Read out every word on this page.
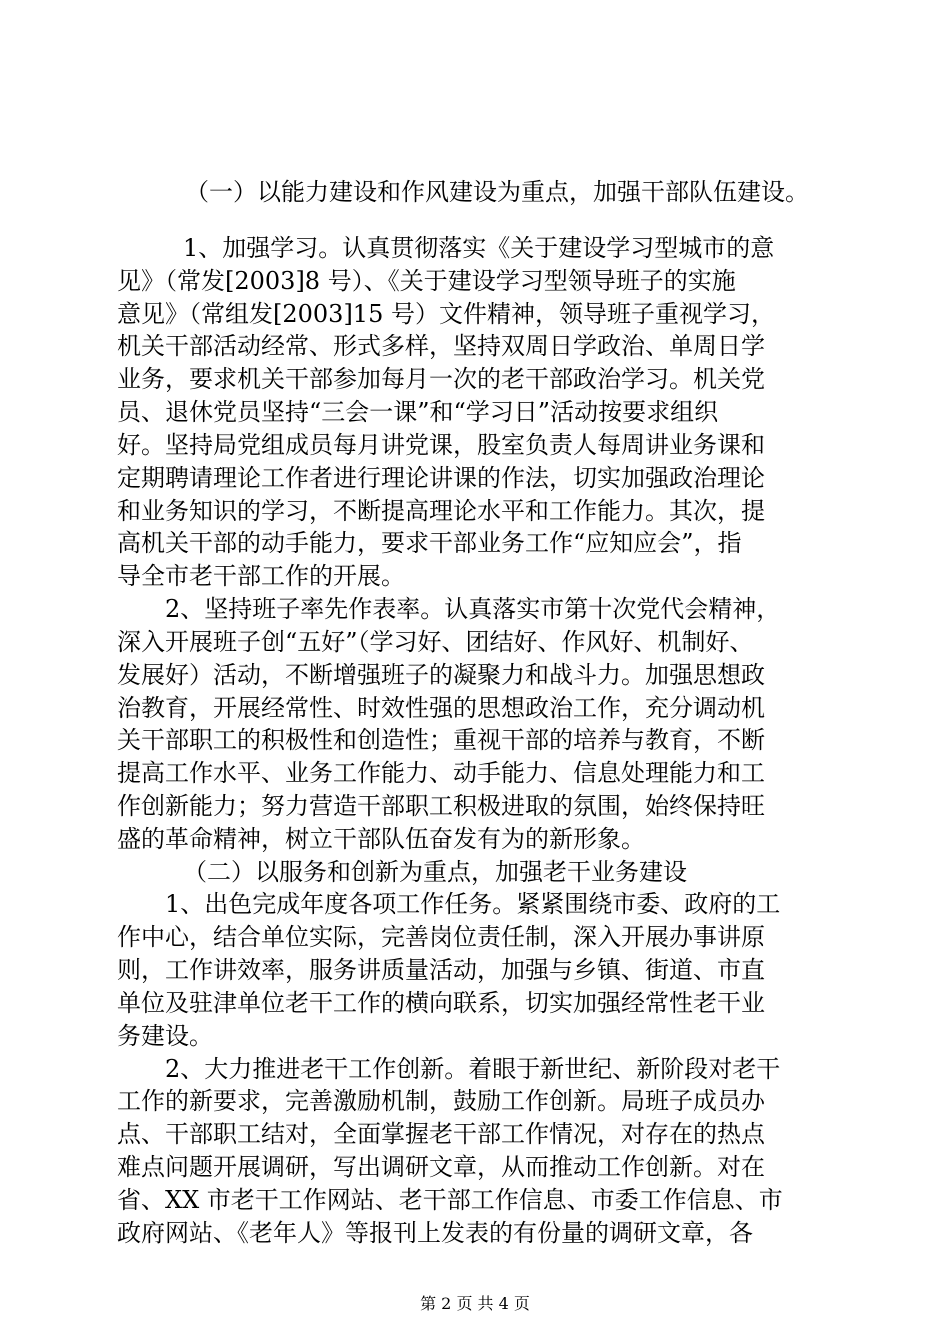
（一）以能力建设和作风建设为重点，加强干部队伍建设。
1、加强学习。认真贯彻落实《关于建设学习型城市的意
见》（常发[2003]8 号）、《关于建设学习型领导班子的实施
意见》（常组发[2003]15 号）文件精神，领导班子重视学习，
机关干部活动经常、形式多样，坚持双周日学政治、单周日学
业务，要求机关干部参加每月一次的老干部政治学习。机关党
员、退休党员坚持“三会一课”和“学习日”活动按要求组织
好。坚持局党组成员每月讲党课，股室负责人每周讲业务课和
定期聘请理论工作者进行理论讲课的作法，切实加强政治理论
和业务知识的学习，不断提高理论水平和工作能力。其次，提
高机关干部的动手能力，要求干部业务工作“应知应会”，指
导全市老干部工作的开展。
2、坚持班子率先作表率。认真落实市第十次党代会精神，
深入开展班子创“五好”（学习好、团结好、作风好、机制好、
发展好）活动，不断增强班子的凝聚力和战斗力。加强思想政
治教育，开展经常性、时效性强的思想政治工作，充分调动机
关干部职工的积极性和创造性；重视干部的培养与教育，不断
提高工作水平、业务工作能力、动手能力、信息处理能力和工
作创新能力；努力营造干部职工积极进取的氛围，始终保持旺
盛的革命精神，树立干部队伍奋发有为的新形象。
（二）以服务和创新为重点，加强老干业务建设
1、出色完成年度各项工作任务。紧紧围绕市委、政府的工
作中心，结合单位实际，完善岗位责任制，深入开展办事讲原
则，工作讲效率，服务讲质量活动，加强与乡镇、街道、市直
单位及驻津单位老干工作的横向联系，切实加强经常性老干业
务建设。
2、大力推进老干工作创新。着眼于新世纪、新阶段对老干
工作的新要求，完善激励机制，鼓励工作创新。局班子成员办
点、干部职工结对，全面掌握老干部工作情况，对存在的热点
难点问题开展调研，写出调研文章，从而推动工作创新。对在
省、XX 市老干工作网站、老干部工作信息、市委工作信息、市
政府网站、《老年人》等报刊上发表的有份量的调研文章，各
第 2 页 共 4 页
